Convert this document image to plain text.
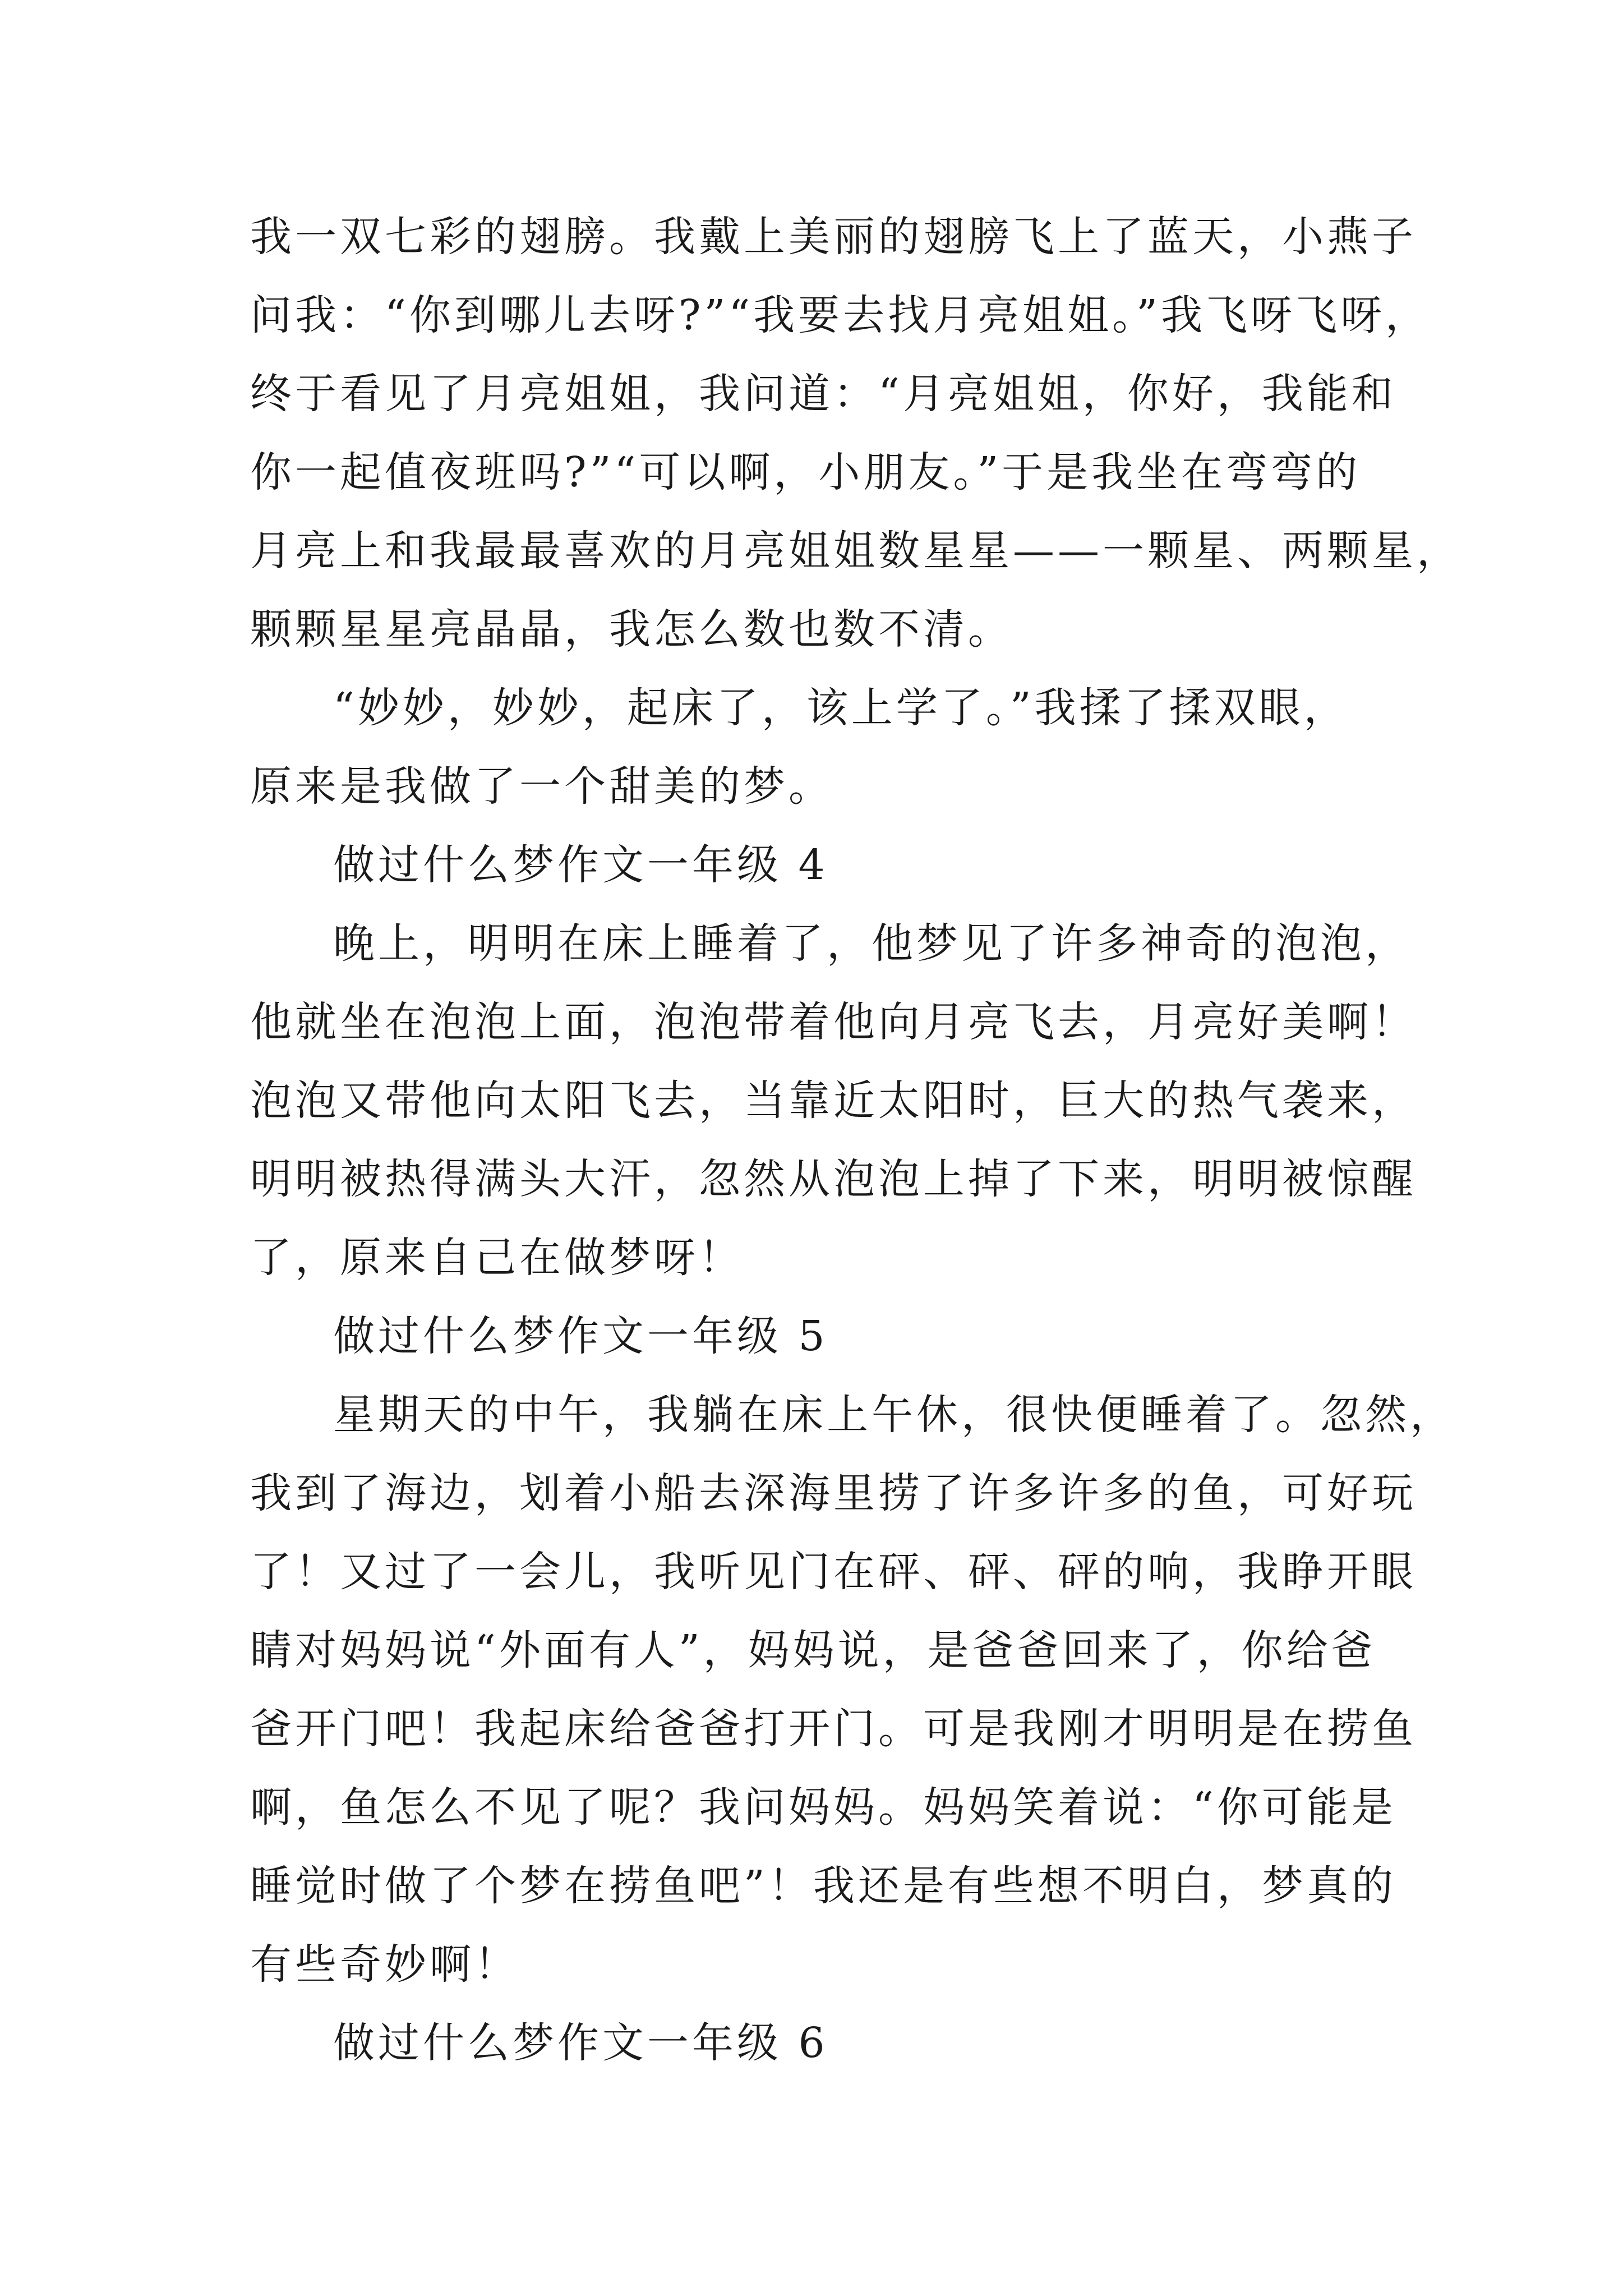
我一双七彩的翅膀。我戴上美丽的翅膀飞上了蓝天，小燕子
问我：“你到哪儿去呀?”“我要去找月亮姐姐。”我飞呀飞呀，
终于看见了月亮姐姐，我问道：“月亮姐姐，你好，我能和
你一起值夜班吗?”“可以啊，小朋友。”于是我坐在弯弯的
月亮上和我最最喜欢的月亮姐姐数星星——一颗星、两颗星，
颗颗星星亮晶晶，我怎么数也数不清。

“妙妙，妙妙，起床了，该上学了。”我揉了揉双眼，
原来是我做了一个甜美的梦。

做过什么梦作文一年级 4

晚上，明明在床上睡着了，他梦见了许多神奇的泡泡，
他就坐在泡泡上面，泡泡带着他向月亮飞去，月亮好美啊！
泡泡又带他向太阳飞去，当靠近太阳时，巨大的热气袭来，
明明被热得满头大汗，忽然从泡泡上掉了下来，明明被惊醒
了，原来自己在做梦呀！

做过什么梦作文一年级 5

星期天的中午，我躺在床上午休，很快便睡着了。忽然，
我到了海边，划着小船去深海里捞了许多许多的鱼，可好玩
了！又过了一会儿，我听见门在砰、砰、砰的响，我睁开眼
睛对妈妈说“外面有人”，妈妈说，是爸爸回来了，你给爸
爸开门吧！我起床给爸爸打开门。可是我刚才明明是在捞鱼
啊，鱼怎么不见了呢？我问妈妈。妈妈笑着说：“你可能是
睡觉时做了个梦在捞鱼吧”！我还是有些想不明白，梦真的
有些奇妙啊！

做过什么梦作文一年级 6
